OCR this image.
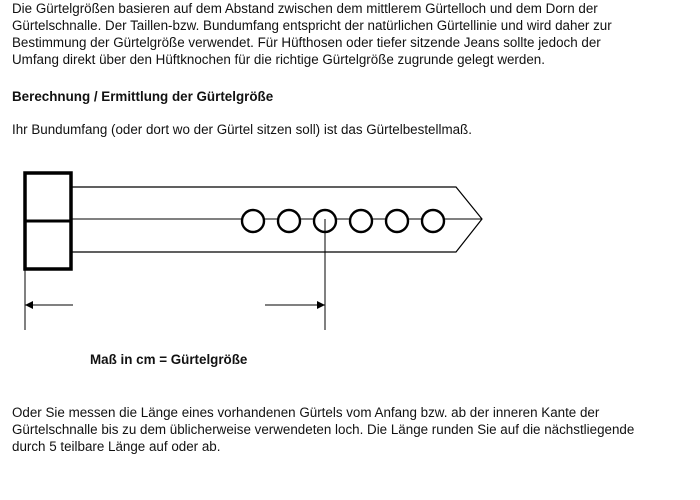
Die Gürtelgrößen basieren auf dem Abstand zwischen dem mittlerem Gürtelloch und dem Dorn der
Gürtelschnalle. Der Taillen-bzw. Bundumfang entspricht der natürlichen Gürtellinie und wird daher zur
Bestimmung der Gürtelgröße verwendet. Für Hüfthosen oder tiefer sitzende Jeans sollte jedoch der
Umfang direkt über den Hüftknochen für die richtige Gürtelgröße zugrunde gelegt werden.

Berechnung / Ermittlung der Gürtelgröße

Ihr Bundumfang (oder dort wo der Gürtel sitzen soll) ist das Gürtelbestellmaß.

Maß in cm = Gürtelgröße

Oder Sie messen die Länge eines vorhandenen Gürtels vom Anfang bzw. ab der inneren Kante der
Gürtelschnalle bis zu dem üblicherweise verwendeten loch. Die Länge runden Sie auf die nächstliegende
durch 5 teilbare Länge auf oder ab.
